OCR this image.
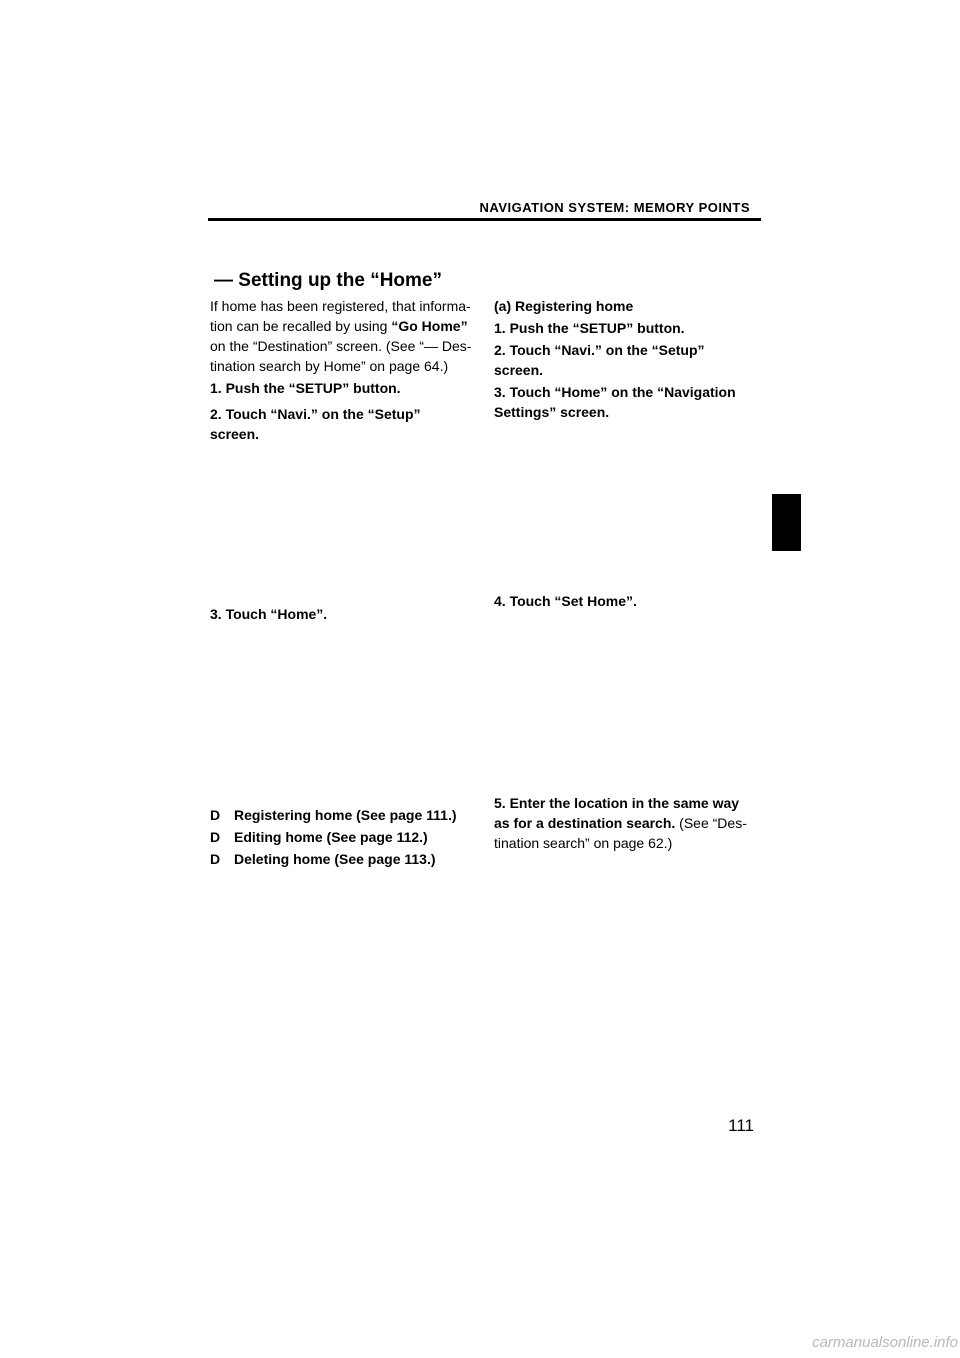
NAVIGATION SYSTEM: MEMORY POINTS
— Setting up the “Home”

If home has been registered, that informa-

tion can be recalled by using “Go Home”

on the “Destination” screen. (See “— Des-

tination search by Home” on page 64.)

1. Push the “SETUP” button.

2. Touch “Navi.” on the “Setup”

screen.

3. Touch “Home”.
D Registering home (See page 111.)
D Editing home (See page 112.)
D Deleting home (See page 113.)

(a) Registering home

1. Push the “SETUP” button.

2. Touch “Navi.” on the “Setup”

screen.

3. Touch “Home” on the “Navigation

Settings” screen.

4. Touch “Set Home”.

5. Enter the location in the same way

as for a destination search. (See “Des-

tination search” on page 62.)

111
carmanualsonline.info
